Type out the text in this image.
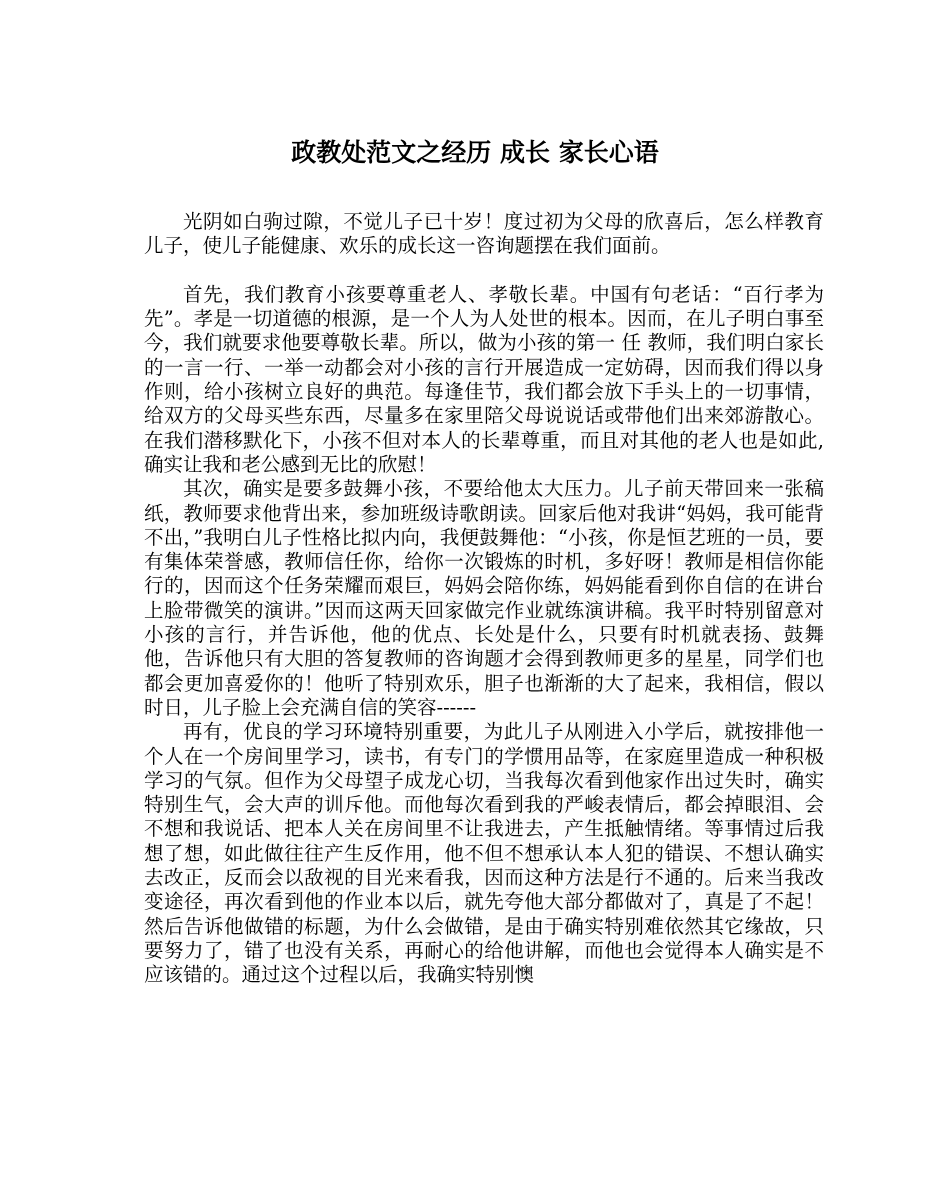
政教处范文之经历 成长 家长心语

光阴如白驹过隙，不觉儿子已十岁！度过初为父母的欣喜后，怎么样教育儿子，使儿子能健康、欢乐的成长这一咨询题摆在我们面前。

首先，我们教育小孩要尊重老人、孝敬长辈。中国有句老话：“百行孝为先”。孝是一切道德的根源，是一个人为人处世的根本。因而，在儿子明白事至今，我们就要求他要尊敬长辈。所以，做为小孩的第一 任 教师，我们明白家长的一言一行、一举一动都会对小孩的言行开展造成一定妨碍，因而我们得以身作则，给小孩树立良好的典范。每逢佳节，我们都会放下手头上的一切事情，给双方的父母买些东西，尽量多在家里陪父母说说话或带他们出来郊游散心。在我们潜移默化下，小孩不但对本人的长辈尊重，而且对其他的老人也是如此,确实让我和老公感到无比的欣慰！

其次，确实是要多鼓舞小孩，不要给他太大压力。儿子前天带回来一张稿纸，教师要求他背出来，参加班级诗歌朗读。回家后他对我讲“妈妈，我可能背不出，”我明白儿子性格比拟内向，我便鼓舞他：“小孩，你是恒艺班的一员，要有集体荣誉感，教师信任你，给你一次锻炼的时机，多好呀！教师是相信你能行的，因而这个任务荣耀而艰巨，妈妈会陪你练，妈妈能看到你自信的在讲台上脸带微笑的演讲。”因而这两天回家做完作业就练演讲稿。我平时特别留意对小孩的言行，并告诉他，他的优点、长处是什么，只要有时机就表扬、鼓舞他，告诉他只有大胆的答复教师的咨询题才会得到教师更多的星星，同学们也都会更加喜爱你的！他听了特别欢乐，胆子也渐渐的大了起来，我相信，假以时日，儿子脸上会充满自信的笑容------

再有，优良的学习环境特别重要，为此儿子从刚进入小学后，就按排他一个人在一个房间里学习，读书，有专门的学惯用品等，在家庭里造成一种积极学习的气氛。但作为父母望子成龙心切，当我每次看到他家作出过失时，确实特别生气，会大声的训斥他。而他每次看到我的严峻表情后，都会掉眼泪、会不想和我说话、把本人关在房间里不让我进去，产生抵触情绪。等事情过后我想了想，如此做往往产生反作用，他不但不想承认本人犯的错误、不想认确实去改正，反而会以敌视的目光来看我，因而这种方法是行不通的。后来当我改变途径，再次看到他的作业本以后，就先夸他大部分都做对了，真是了不起！然后告诉他做错的标题，为什么会做错，是由于确实特别难依然其它缘故，只要努力了，错了也没有关系，再耐心的给他讲解，而他也会觉得本人确实是不应该错的。通过这个过程以后，我确实特别懊
